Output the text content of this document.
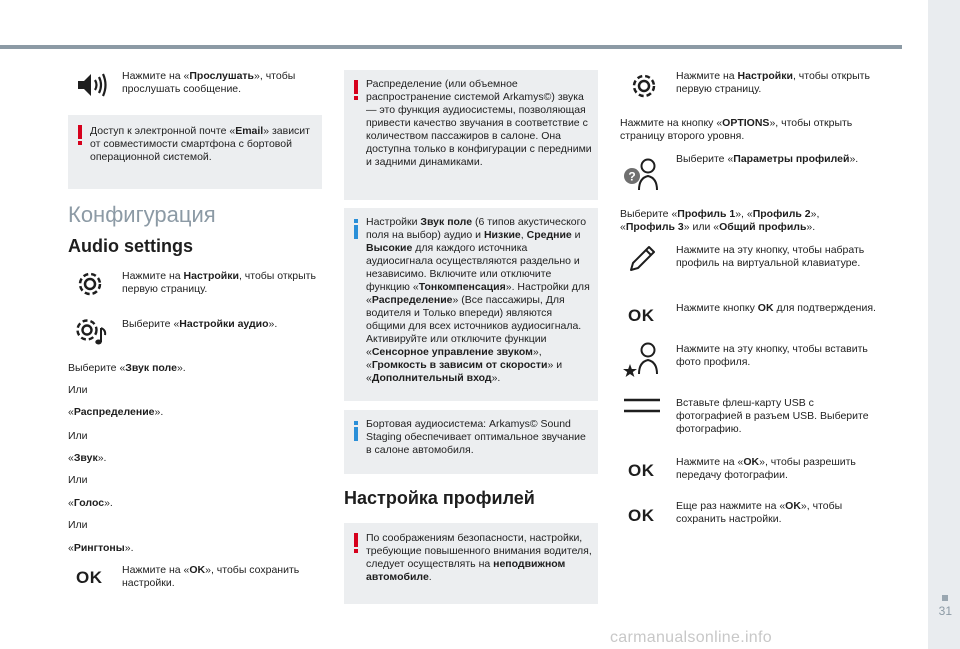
31
carmanualsonline.info
Нажмите на «Прослушать», чтобы прослушать сообщение.
Доступ к электронной почте «Email» зависит от совместимости смартфона с бортовой операционной системой.
Конфигурация
Audio settings
Нажмите на Настройки, чтобы открыть первую страницу.
Выберите «Настройки аудио».
Выберите «Звук поле».
Или
«Распределение».
Или
«Звук».
Или
«Голос».
Или
«Рингтоны».
OK Нажмите на «OK», чтобы сохранить настройки.
Распределение (или объемное распространение системой Arkamys©) звука — это функция аудиосистемы, позволяющая привести качество звучания в соответствие с количеством пассажиров в салоне. Она доступна только в конфигурации с передними и задними динамиками.
Настройки Звук поле (6 типов акустического поля на выбор) аудио и Низкие, Средние и Высокие для каждого источника аудиосигнала осуществляются раздельно и независимо. Включите или отключите функцию «Тонкомпенсация». Настройки для «Распределение» (Все пассажиры, Для водителя и Только впереди) являются общими для всех источников аудиосигнала. Активируйте или отключите функции «Сенсорное управление звуком», «Громкость в зависим от скорости» и «Дополнительный вход».
Бортовая аудиосистема: Arkamys© Sound Staging обеспечивает оптимальное звучание в салоне автомобиля.
Настройка профилей
По соображениям безопасности, настройки, требующие повышенного внимания водителя, следует осуществлять на неподвижном автомобиле.
Нажмите на Настройки, чтобы открыть первую страницу.
Нажмите на кнопку «OPTIONS», чтобы открыть страницу второго уровня.
?
Выберите «Параметры профилей».
Выберите «Профиль 1», «Профиль 2», «Профиль 3» или «Общий профиль».
Нажмите на эту кнопку, чтобы набрать профиль на виртуальной клавиатуре.
OK Нажмите кнопку OK для подтверждения.
Нажмите на эту кнопку, чтобы вставить фото профиля.
Вставьте флеш-карту USB с фотографией в разъем USB. Выберите фотографию.
OK Нажмите на «OK», чтобы разрешить передачу фотографии.
OK Еще раз нажмите на «OK», чтобы сохранить настройки.
